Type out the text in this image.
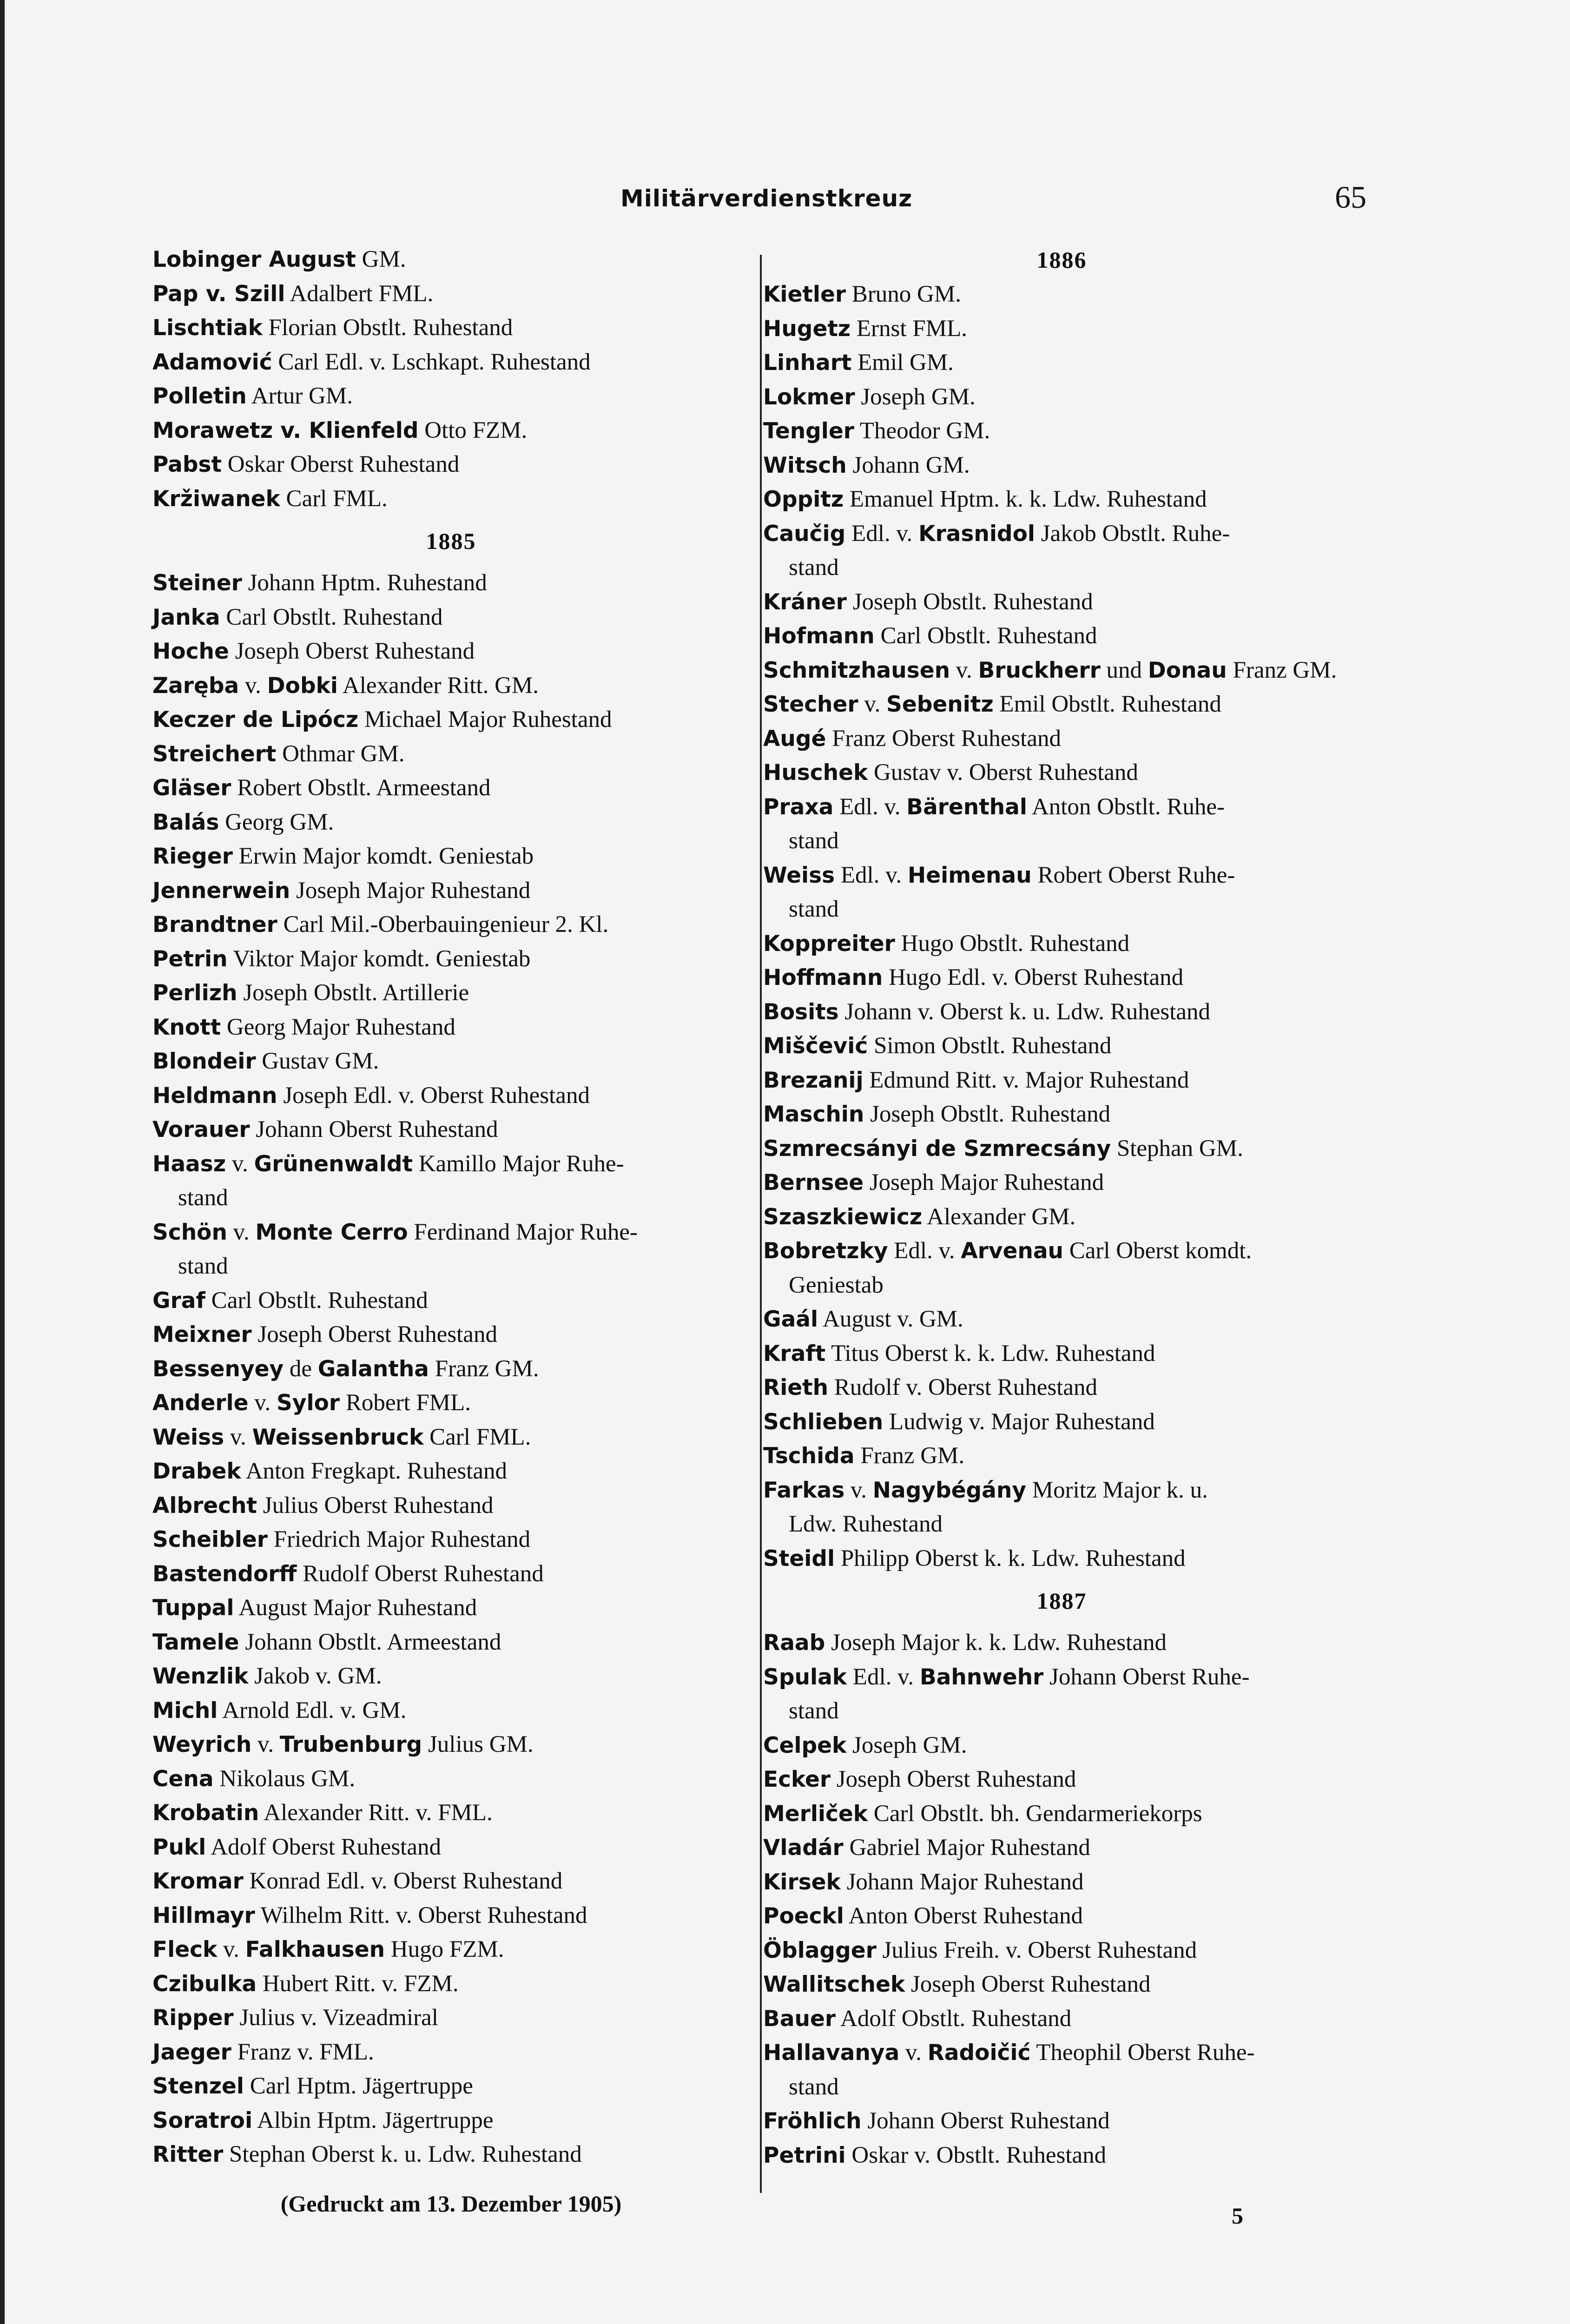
Militärverdienstkreuz	65
Lobinger August GM.
Pap v. Szill Adalbert FML.
Lischtiak Florian Obstlt. Ruhestand
Adamović Carl Edl. v. Lschkapt. Ruhestand
Polletin Artur GM.
Morawetz v. Klienfeld Otto FZM.
Pabst Oskar Oberst Ruhestand
Kržiwanek Carl FML.
1885
Steiner Johann Hptm. Ruhestand
Janka Carl Obstlt. Ruhestand
Hoche Joseph Oberst Ruhestand
Zaręba v. Dobki Alexander Ritt. GM.
Keczer de Lipócz Michael Major Ruhestand
Streichert Othmar GM.
Gläser Robert Obstlt. Armeestand
Balás Georg GM.
Rieger Erwin Major komdt. Geniestab
Jennerwein Joseph Major Ruhestand
Brandtner Carl Mil.-Oberbauingenieur 2. Kl.
Petrin Viktor Major komdt. Geniestab
Perlizh Joseph Obstlt. Artillerie
Knott Georg Major Ruhestand
Blondeir Gustav GM.
Heldmann Joseph Edl. v. Oberst Ruhestand
Vorauer Johann Oberst Ruhestand
Haasz v. Grünenwaldt Kamillo Major Ruhe-
stand
Schön v. Monte Cerro Ferdinand Major Ruhe-
stand
Graf Carl Obstlt. Ruhestand
Meixner Joseph Oberst Ruhestand
Bessenyey de Galantha Franz GM.
Anderle v. Sylor Robert FML.
Weiss v. Weissenbruck Carl FML.
Drabek Anton Fregkapt. Ruhestand
Albrecht Julius Oberst Ruhestand
Scheibler Friedrich Major Ruhestand
Bastendorff Rudolf Oberst Ruhestand
Tuppal August Major Ruhestand
Tamele Johann Obstlt. Armeestand
Wenzlik Jakob v. GM.
Michl Arnold Edl. v. GM.
Weyrich v. Trubenburg Julius GM.
Cena Nikolaus GM.
Krobatin Alexander Ritt. v. FML.
Pukl Adolf Oberst Ruhestand
Kromar Konrad Edl. v. Oberst Ruhestand
Hillmayr Wilhelm Ritt. v. Oberst Ruhestand
Fleck v. Falkhausen Hugo FZM.
Czibulka Hubert Ritt. v. FZM.
Ripper Julius v. Vizeadmiral
Jaeger Franz v. FML.
Stenzel Carl Hptm. Jägertruppe
Soratroi Albin Hptm. Jägertruppe
Ritter Stephan Oberst k. u. Ldw. Ruhestand
1886
Kietler Bruno GM.
Hugetz Ernst FML.
Linhart Emil GM.
Lokmer Joseph GM.
Tengler Theodor GM.
Witsch Johann GM.
Oppitz Emanuel Hptm. k. k. Ldw. Ruhestand
Caučig Edl. v. Krasnidol Jakob Obstlt. Ruhe-
stand
Kráner Joseph Obstlt. Ruhestand
Hofmann Carl Obstlt. Ruhestand
Schmitzhausen v. Bruckherr und Donau Franz GM.
Stecher v. Sebenitz Emil Obstlt. Ruhestand
Augé Franz Oberst Ruhestand
Huschek Gustav v. Oberst Ruhestand
Praxa Edl. v. Bärenthal Anton Obstlt. Ruhe-
stand
Weiss Edl. v. Heimenau Robert Oberst Ruhe-
stand
Koppreiter Hugo Obstlt. Ruhestand
Hoffmann Hugo Edl. v. Oberst Ruhestand
Bosits Johann v. Oberst k. u. Ldw. Ruhestand
Miščević Simon Obstlt. Ruhestand
Brezanij Edmund Ritt. v. Major Ruhestand
Maschin Joseph Obstlt. Ruhestand
Szmrecsányi de Szmrecsány Stephan GM.
Bernsee Joseph Major Ruhestand
Szaszkiewicz Alexander GM.
Bobretzky Edl. v. Arvenau Carl Oberst komdt.
Geniestab
Gaál August v. GM.
Kraft Titus Oberst k. k. Ldw. Ruhestand
Rieth Rudolf v. Oberst Ruhestand
Schlieben Ludwig v. Major Ruhestand
Tschida Franz GM.
Farkas v. Nagybégány Moritz Major k. u.
Ldw. Ruhestand
Steidl Philipp Oberst k. k. Ldw. Ruhestand
1887
Raab Joseph Major k. k. Ldw. Ruhestand
Spulak Edl. v. Bahnwehr Johann Oberst Ruhe-
stand
Celpek Joseph GM.
Ecker Joseph Oberst Ruhestand
Merliček Carl Obstlt. bh. Gendarmeriekorps
Vladár Gabriel Major Ruhestand
Kirsek Johann Major Ruhestand
Poeckl Anton Oberst Ruhestand
Öblagger Julius Freih. v. Oberst Ruhestand
Wallitschek Joseph Oberst Ruhestand
Bauer Adolf Obstlt. Ruhestand
Hallavanya v. Radoičić Theophil Oberst Ruhe-
stand
Fröhlich Johann Oberst Ruhestand
Petrini Oskar v. Obstlt. Ruhestand
(Gedruckt am 13. Dezember 1905)	5
